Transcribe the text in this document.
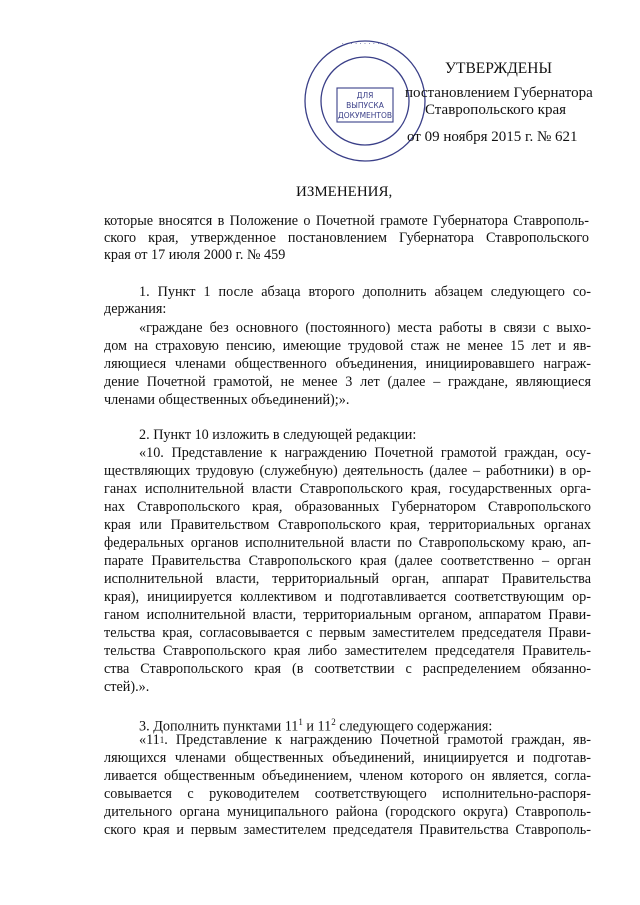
· · · · · · · · · · ·
ДЛЯ
ВЫПУСКА
ДОКУМЕНТОВ
УТВЕРЖДЕНЫ
постановлением Губернатора
Ставропольского края
от 09 ноября 2015 г. № 621
ИЗМЕНЕНИЯ,
которые вносятся в Положение о Почетной грамоте Губернатора Ставрополь-
ского края, утвержденное постановлением Губернатора Ставропольского
края от 17 июля 2000 г. № 459
1. Пункт 1 после абзаца второго дополнить абзацем следующего со-
держания:
«граждане без основного (постоянного) места работы в связи с выхо-
дом на страховую пенсию, имеющие трудовой стаж не менее 15 лет и яв-
ляющиеся членами общественного объединения, инициировавшего награж-
дение Почетной грамотой, не менее 3 лет (далее – граждане, являющиеся
членами общественных объединений);».
2. Пункт 10 изложить в следующей редакции:
«10. Представление к награждению Почетной грамотой граждан, осу-
ществляющих трудовую (служебную) деятельность (далее – работники) в ор-
ганах исполнительной власти Ставропольского края, государственных орга-
нах Ставропольского края, образованных Губернатором Ставропольского
края или Правительством Ставропольского края, территориальных органах
федеральных органов исполнительной власти по Ставропольскому краю, ап-
парате Правительства Ставропольского края (далее соответственно – орган
исполнительной власти, территориальный орган, аппарат Правительства
края), инициируется коллективом и подготавливается соответствующим ор-
ганом исполнительной власти, территориальным органом, аппаратом Прави-
тельства края, согласовывается с первым заместителем председателя Прави-
тельства Ставропольского края либо заместителем председателя Правитель-
ства Ставропольского края (в соответствии с распределением обязанно-
стей).».
3. Дополнить пунктами $11^1$ и $11^2$ следующего содержания:
«11 1 . Представление к награждению Почетной грамотой граждан, яв-
ляющихся членами общественных объединений, инициируется и подготав-
ливается общественным объединением, членом которого он является, согла-
совывается с руководителем соответствующего исполнительно-распоря-
дительного органа муниципального района (городского округа) Ставрополь-
ского края и первым заместителем председателя Правительства Ставрополь-
